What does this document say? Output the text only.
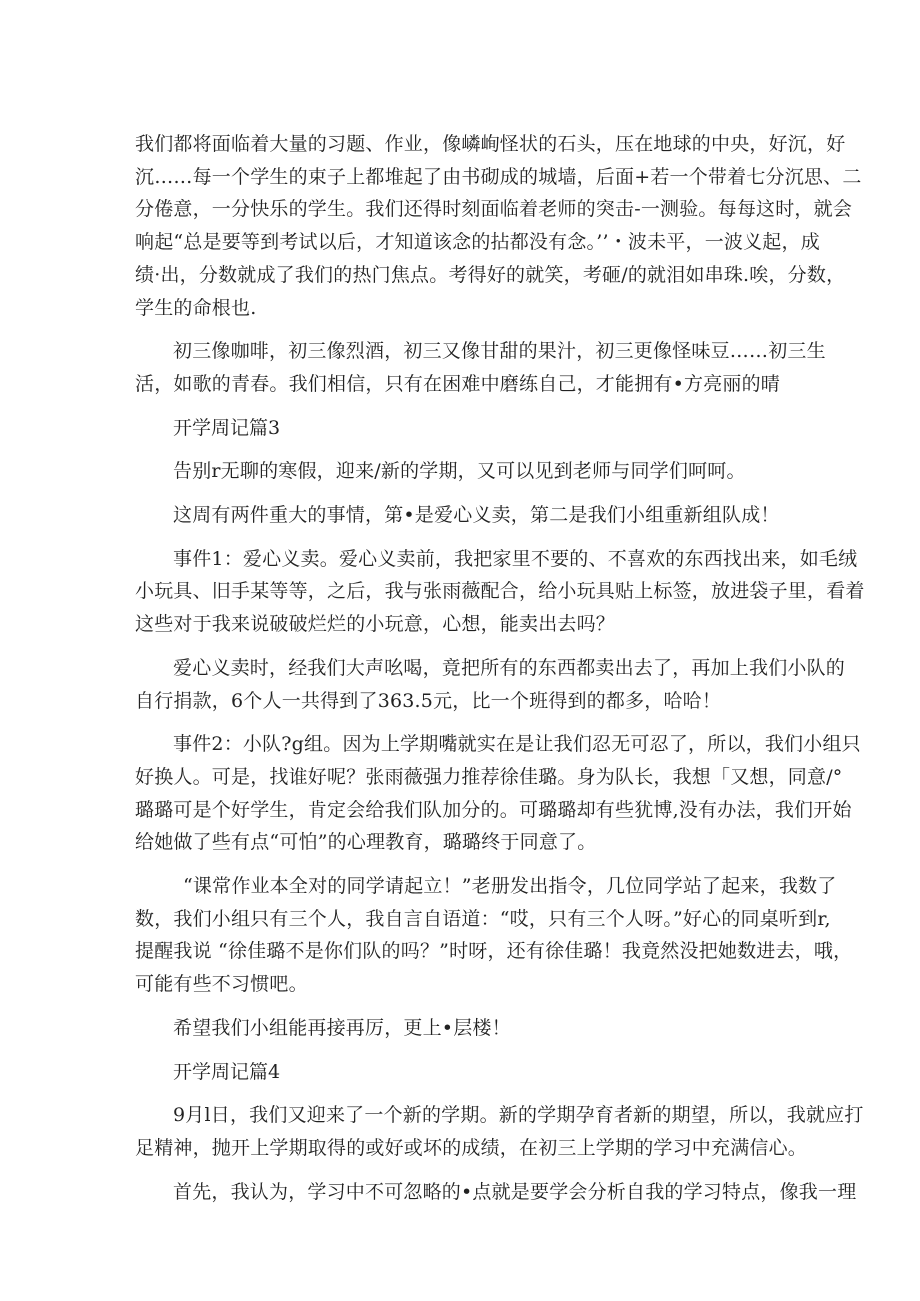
我们都将面临着大量的习题、作业，像嶙峋怪状的石头，压在地球的中央，好沉，好
沉……每一个学生的束子上都堆起了由书砌成的城墙，后面+若一个带着七分沉思、二
分倦意，一分快乐的学生。我们还得时刻面临着老师的突击-一测验。每每这时，就会
响起“总是要等到考试以后，才知道该念的拈都没有念。’’・波未平，一波义起，成
绩·出，分数就成了我们的热门焦点。考得好的就笑，考砸/的就泪如串珠.唉，分数，
学生的命根也.
初三像咖啡，初三像烈酒，初三又像甘甜的果汁，初三更像怪味豆……初三生
活，如歌的青春。我们相信，只有在困难中磨练自己，才能拥有•方亮丽的晴
开学周记篇3
告别r无聊的寒假，迎来/新的学期，又可以见到老师与同学们呵呵。
这周有两件重大的事情，第•是爱心义卖，第二是我们小组重新组队成！
事件1：爱心义卖。爱心义卖前，我把家里不要的、不喜欢的东西找出来，如毛绒
小玩具、旧手某等等，之后，我与张雨薇配合，给小玩具贴上标签，放进袋子里，看着
这些对于我来说破破烂烂的小玩意，心想，能卖出去吗？
爱心义卖时，经我们大声吆喝，竟把所有的东西都卖出去了，再加上我们小队的
自行捐款，6个人一共得到了363.5元，比一个班得到的都多，哈哈！
事件2：小队?g组。因为上学期嘴就实在是让我们忍无可忍了，所以，我们小组只
好换人。可是，找谁好呢？张雨薇强力推荐徐佳璐。身为队长，我想「又想，同意/°
璐璐可是个好学生，肯定会给我们队加分的。可璐璐却有些犹博,没有办法，我们开始
给她做了些有点“可怕”的心理教育，璐璐终于同意了。
“课常作业本全对的同学请起立！”老册发出指令，几位同学站了起来，我数了
数，我们小组只有三个人，我自言自语道：“哎，只有三个人呀。”好心的同桌听到r,
提醒我说 “徐佳璐不是你们队的吗？”时呀，还有徐佳璐！我竟然没把她数进去，哦，
可能有些不习惯吧。
希望我们小组能再接再厉，更上•层楼！
开学周记篇4
9月l日，我们又迎来了一个新的学期。新的学期孕育者新的期望，所以，我就应打
足精神，抛开上学期取得的或好或坏的成绩，在初三上学期的学习中充满信心。
首先，我认为，学习中不可忽略的•点就是要学会分析自我的学习特点，像我一理
